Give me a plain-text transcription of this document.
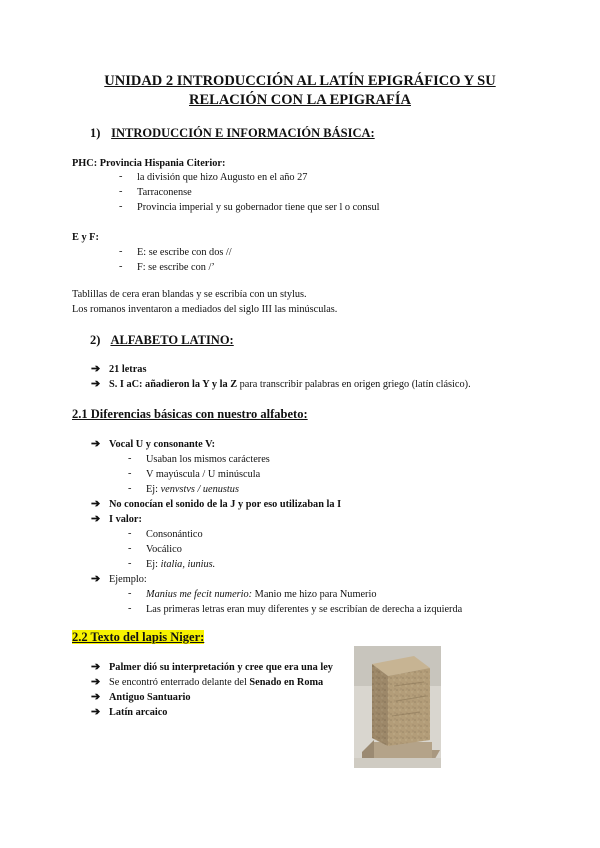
UNIDAD 2 INTRODUCCIÓN AL LATÍN EPIGRÁFICO Y SU
RELACIÓN CON LA EPIGRAFÍA
1) INTRODUCCIÓN E INFORMACIÓN BÁSICA:
PHC: Provincia Hispania Citerior:
- la división que hizo Augusto en el año 27
- Tarraconense
- Provincia imperial y su gobernador tiene que ser l o consul
E y F:
- E: se escribe con dos //
- F: se escribe con /’
Tablillas de cera eran blandas y se escribía con un stylus.
Los romanos inventaron a mediados del siglo III las minúsculas.
2) ALFABETO LATINO:
➔ 21 letras
➔ S. I aC: añadieron la Y y la Z para transcribir palabras en origen griego (latín clásico).
2.1 Diferencias básicas con nuestro alfabeto:
➔ Vocal U y consonante V:
- Usaban los mismos carácteres
- V mayúscula / U minúscula
- Ej: venvstvs / uenustus
➔ No conocían el sonido de la J y por eso utilizaban la I
➔ I valor:
- Consonántico
- Vocálico
- Ej: italia, iunius.
➔ Ejemplo:
- Manius me fecit numerio: Manio me hizo para Numerio
- Las primeras letras eran muy diferentes y se escribían de derecha a izquierda
2.2 Texto del lapis Niger:
➔ Palmer dió su interpretación y cree que era una ley
➔ Se encontró enterrado delante del Senado en Roma
➔ Antiguo Santuario
➔ Latín arcaico
